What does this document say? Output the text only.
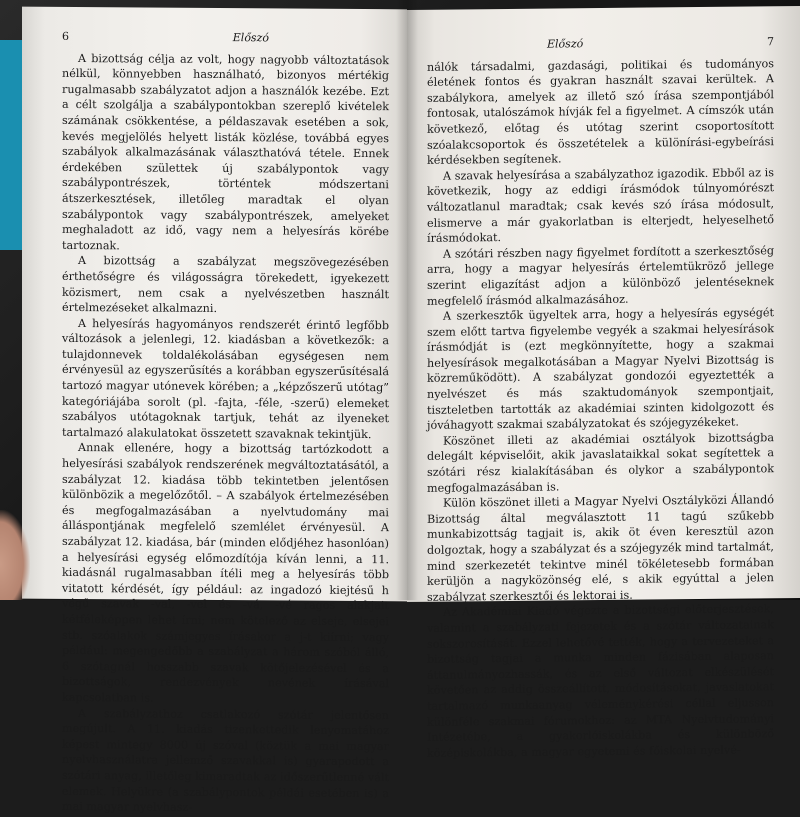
6	Előszó

A bizottság célja az volt, hogy nagyobb változtatások nélkül, könnyebben használható, bizonyos mértékig rugalmasabb szabályzatot adjon a használók kezébe. Ezt a célt szolgálja a szabálypontokban szereplő kivételek számának csökkentése, a példaszavak esetében a sok, kevés megjelölés helyett listák közlése, továbbá egyes szabályok alkalmazásának választhatóvá tétele. Ennek érdekében születtek új szabálypontok vagy szabálypontrészek, történtek módszertani átszerkesztések, illetőleg maradtak el olyan szabálypontok vagy szabálypontrészek, amelyeket meghaladott az idő, vagy nem a helyesírás körébe tartoznak.

A bizottság a szabályzat megszövegezésében érthetőségre és világosságra törekedett, igyekezett közismert, nem csak a nyelvészetben használt értelmezéseket alkalmazni.

A helyesírás hagyományos rendszerét érintő legfőbb változások a jelenlegi, 12. kiadásban a következők: a tulajdonnevek toldalékolásában egységesen nem érvényesül az egyszerűsítés a korábban egyszerűsítésalá tartozó magyar utónevek körében; a „képzőszerű utótag” kategóriájába sorolt (pl. -fajta, -féle, -szerű) elemeket szabályos utótagoknak tartjuk, tehát az ilyeneket tartalmazó alakulatokat összetett szavaknak tekintjük.

Annak ellenére, hogy a bizottság tartózkodott a helyesírási szabályok rendszerének megváltoztatásától, a szabályzat 12. kiadása több tekintetben jelentősen különbözik a megelőzőtől. – A szabályok értelmezésében és megfogalmazásában a nyelvtudomány mai álláspontjának megfelelő szemlélet érvényesül. A szabályzat 12. kiadása, bár (minden elődjéhez hasonlóan) a helyesírási egység előmozdítója kíván lenni, a 11. kiadásnál rugalmasabban ítéli meg a helyesírás több vitatott kérdését, így például: az ingadozó kiejtésű h végű szavak -val, -vel és -vá, -vé ragos alakjait kétféleképpen lehet írni; nem kötelező az elseje, elsejei stb. szóalakok számjegyes írásakor a j-t kiírni; vagy például: megengedőbb a szabályzat a három szóból álló, 6 szótagnál hosszabb szavak kötőjelezésével és a bizottságok, rendezvények nevének írásával kapcsolatban is.

A szabályzathoz csatlakozó szótár jelentősen megújult. A 11. kiadás tizenkettedik lenyomatához képest mintegy 8000 új szóval (köztük a mai magyar nyelvhasználatra jellemző szavakkal is) gyarapodott a szótári anyag, illetőleg kimaradtak az időszerűtlenné vált elemek. Helyükre (a szabálypontok példái esetében is) a mai magyar nyelvhasz-

Előszó	7

nálók társadalmi, gazdasági, politikai és tudományos életének fontos és gyakran használt szavai kerültek. A szabálykora, amelyek az illető szó írása szempontjából fontosak, utalószámok hívják fel a figyelmet. A címszók után következő, előtag és utótag szerint csoportosított szóalakcsoportok és összetételek a különírási-egybeírási kérdésekben segítenek.

A szavak helyesírása a szabályzathoz igazodik. Ebből az is következik, hogy az eddigi írásmódok túlnyomórészt változatlanul maradtak; csak kevés szó írása módosult, elismerve a már gyakorlatban is elterjedt, helyeselhető írásmódokat.

A szótári részben nagy figyelmet fordított a szerkesztőség arra, hogy a magyar helyesírás értelemtükröző jellege szerint eligazítást adjon a különböző jelentéseknek megfelelő írásmód alkalmazásához.

A szerkesztők ügyeltek arra, hogy a helyesírás egységét szem előtt tartva figyelembe vegyék a szakmai helyesírások írásmódját is (ezt megkönnyítette, hogy a szakmai helyesírások megalkotásában a Magyar Nyelvi Bizottság is közreműködött). A szabályzat gondozói egyeztették a nyelvészet és más szaktudományok szempontjait, tiszteletben tartották az akadémiai szinten kidolgozott és jóváhagyott szakmai szabályzatokat és szójegyzékeket.

Köszönet illeti az akadémiai osztályok bizottságba delegált képviselőit, akik javaslataikkal sokat segítettek a szótári rész kialakításában és olykor a szabálypontok megfogalmazásában is.

Külön köszönet illeti a Magyar Nyelvi Osztályközi Állandó Bizottság által megválasztott 11 tagú szűkebb munkabizottság tagjait is, akik öt éven keresztül azon dolgoztak, hogy a szabályzat és a szójegyzék mind tartalmát, mind szerkezetét tekintve minél tökéletesebb formában kerüljön a nagyközönség elé, s akik egyúttal a jelen szabályzat szerkesztői és lektorai is.

Az Akadémiai Kiadó végezte a bizottsági előterjesztések, valamint a szabályzati fejezetek és a szótár változatainak sokszorosítását. Ezzel lehetővé tették, hogy a tervezeteket a bizottság tagjai a munka minden fázisában alaposan áttanulmányozhassák, és az első változat elkészülését követően az addig összeállított, módosításokat, javaslatokat tartalmazó munkaanyag véleménykérési céllal eljusson különféle szakmai fórumokhoz: az MTA Nyelvtudományi Intézetébe, a gyakorlóiskolákba és különböző középiskolákba, a magyar egyetemi és főiskolai nyelvé-
